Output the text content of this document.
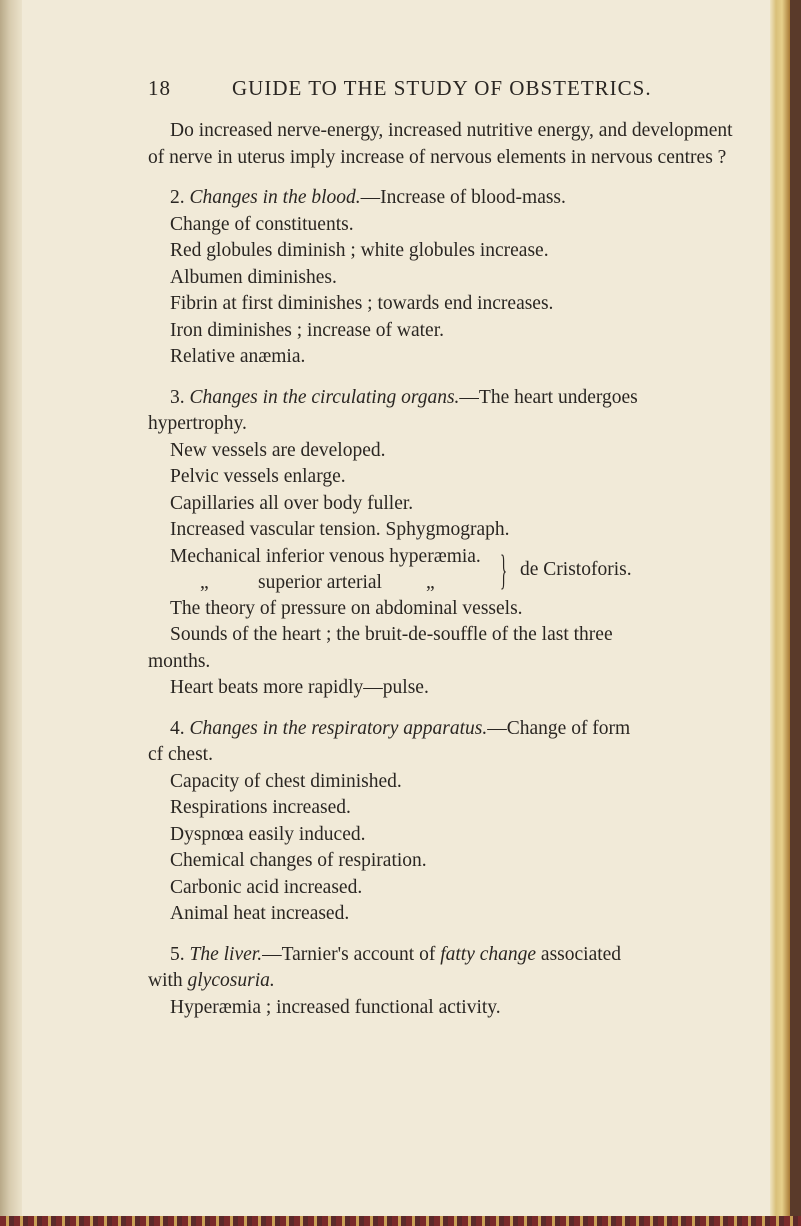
18	GUIDE TO THE STUDY OF OBSTETRICS.
Do increased nerve-energy, increased nutritive energy, and development of nerve in uterus imply increase of nervous elements in nervous centres ?
2. Changes in the blood.—Increase of blood-mass.
Change of constituents.
Red globules diminish ; white globules increase.
Albumen diminishes.
Fibrin at first diminishes ; towards end increases.
Iron diminishes ; increase of water.
Relative anæmia.
3. Changes in the circulating organs.—The heart undergoes
hypertrophy.
New vessels are developed.
Pelvic vessels enlarge.
Capillaries all over body fuller.
Increased vascular tension. Sphygmograph.
Mechanical inferior venous hyperæmia.
„	superior arterial „ } de Cristoforis.
The theory of pressure on abdominal vessels.
Sounds of the heart ; the bruit-de-souffle of the last three
months.
Heart beats more rapidly—pulse.
4. Changes in the respiratory apparatus.—Change of form
cf chest.
Capacity of chest diminished.
Respirations increased.
Dyspnœa easily induced.
Chemical changes of respiration.
Carbonic acid increased.
Animal heat increased.
5. The liver.—Tarnier's account of fatty change associated
with glycosuria.
Hyperæmia ; increased functional activity.
